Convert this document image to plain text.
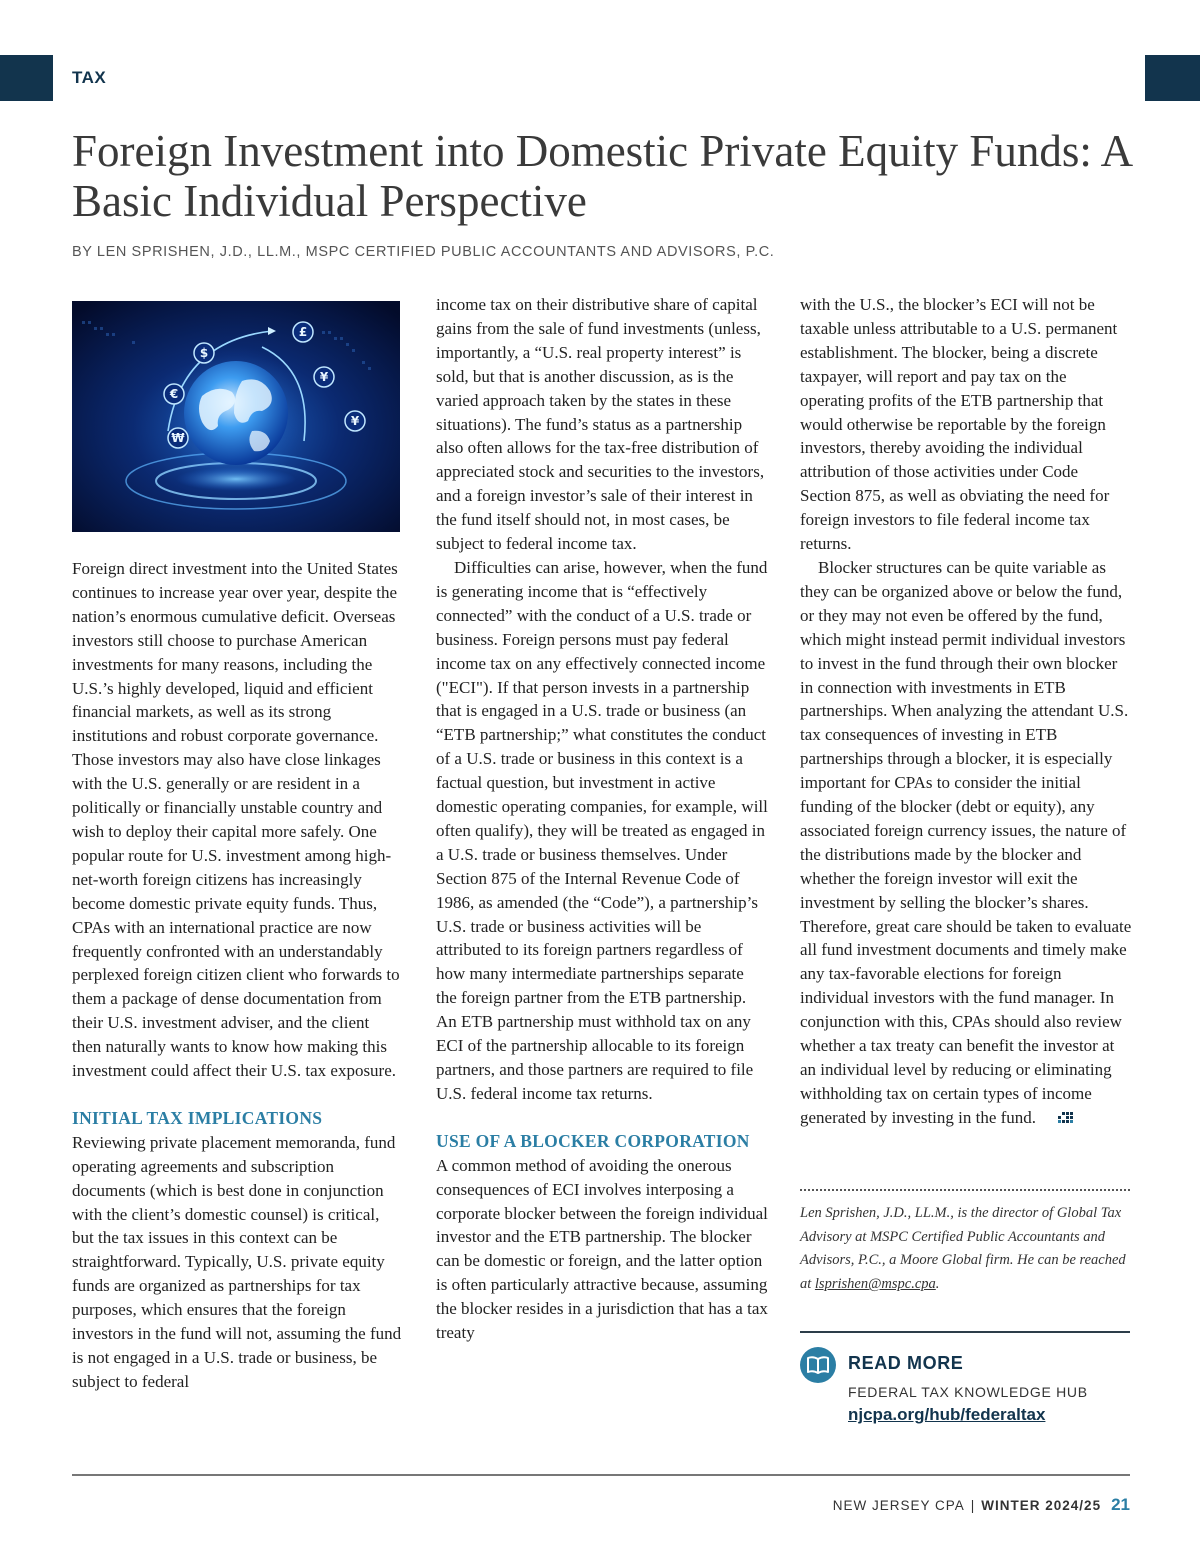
TAX
Foreign Investment into Domestic Private Equity Funds: A Basic Individual Perspective
BY LEN SPRISHEN, J.D., LL.M., MSPC CERTIFIED PUBLIC ACCOUNTANTS AND ADVISORS, P.C.
$
£
¥
€
¥
₩

Foreign direct investment into the United States continues to increase year over year, despite the nation’s enormous cumulative deficit. Overseas investors still choose to purchase American investments for many reasons, including the U.S.’s highly developed, liquid and efficient financial markets, as well as its strong institutions and robust corporate governance. Those investors may also have close linkages with the U.S. generally or are resident in a politically or financially unstable country and wish to deploy their capital more safely. One popular route for U.S. investment among high-net-worth foreign citizens has increasingly become domestic private equity funds. Thus, CPAs with an international practice are now frequently confronted with an understandably perplexed foreign citizen client who forwards to them a package of dense documentation from their U.S. investment adviser, and the client then naturally wants to know how making this investment could affect their U.S. tax exposure.

INITIAL TAX IMPLICATIONS

Reviewing private placement memoranda, fund operating agreements and subscription documents (which is best done in conjunction with the client’s domestic counsel) is critical, but the tax issues in this context can be straightforward. Typically, U.S. private equity funds are organized as partnerships for tax purposes, which ensures that the foreign investors in the fund will not, assuming the fund is not engaged in a U.S. trade or business, be subject to federal

income tax on their distributive share of capital gains from the sale of fund investments (unless, importantly, a “U.S. real property interest” is sold, but that is another discussion, as is the varied approach taken by the states in these situations). The fund’s status as a partnership also often allows for the tax-free distribution of appreciated stock and securities to the investors, and a foreign investor’s sale of their interest in the fund itself should not, in most cases, be subject to federal income tax.

Difficulties can arise, however, when the fund is generating income that is “effectively connected” with the conduct of a U.S. trade or business. Foreign persons must pay federal income tax on any effectively connected income ("ECI"). If that person invests in a partnership that is engaged in a U.S. trade or business (an “ETB partnership;” what constitutes the conduct of a U.S. trade or business in this context is a factual question, but investment in active domestic operating companies, for example, will often qualify), they will be treated as engaged in a U.S. trade or business themselves. Under Section 875 of the Internal Revenue Code of 1986, as amended (the “Code”), a partnership’s U.S. trade or business activities will be attributed to its foreign partners regardless of how many intermediate partnerships separate the foreign partner from the ETB partnership. An ETB partnership must withhold tax on any ECI of the partnership allocable to its foreign partners, and those partners are required to file U.S. federal income tax returns.

USE OF A BLOCKER CORPORATION

A common method of avoiding the onerous consequences of ECI involves interposing a corporate blocker between the foreign individual investor and the ETB partnership. The blocker can be domestic or foreign, and the latter option is often particularly attractive because, assuming the blocker resides in a jurisdiction that has a tax treaty

with the U.S., the blocker’s ECI will not be taxable unless attributable to a U.S. permanent establishment. The blocker, being a discrete taxpayer, will report and pay tax on the operating profits of the ETB partnership that would otherwise be reportable by the foreign investors, thereby avoiding the individual attribution of those activities under Code Section 875, as well as obviating the need for foreign investors to file federal income tax returns.

Blocker structures can be quite variable as they can be organized above or below the fund, or they may not even be offered by the fund, which might instead permit individual investors to invest in the fund through their own blocker in connection with investments in ETB partnerships. When analyzing the attendant U.S. tax consequences of investing in ETB partnerships through a blocker, it is especially important for CPAs to consider the initial funding of the blocker (debt or equity), any associated foreign currency issues, the nature of the distributions made by the blocker and whether the foreign investor will exit the investment by selling the blocker’s shares. Therefore, great care should be taken to evaluate all fund investment documents and timely make any tax-favorable elections for foreign individual investors with the fund manager. In conjunction with this, CPAs should also review whether a tax treaty can benefit the investor at an individual level by reducing or eliminating withholding tax on certain types of income generated by investing in the fund.

Len Sprishen, J.D., LL.M., is the director of Global Tax Advisory at MSPC Certified Public Accountants and Advisors, P.C., a Moore Global firm. He can be reached at lsprishen@mspc.cpa.
READ MORE
FEDERAL TAX KNOWLEDGE HUB
njcpa.org/hub/federaltax
NEW JERSEY CPA | WINTER 2024/25 21
